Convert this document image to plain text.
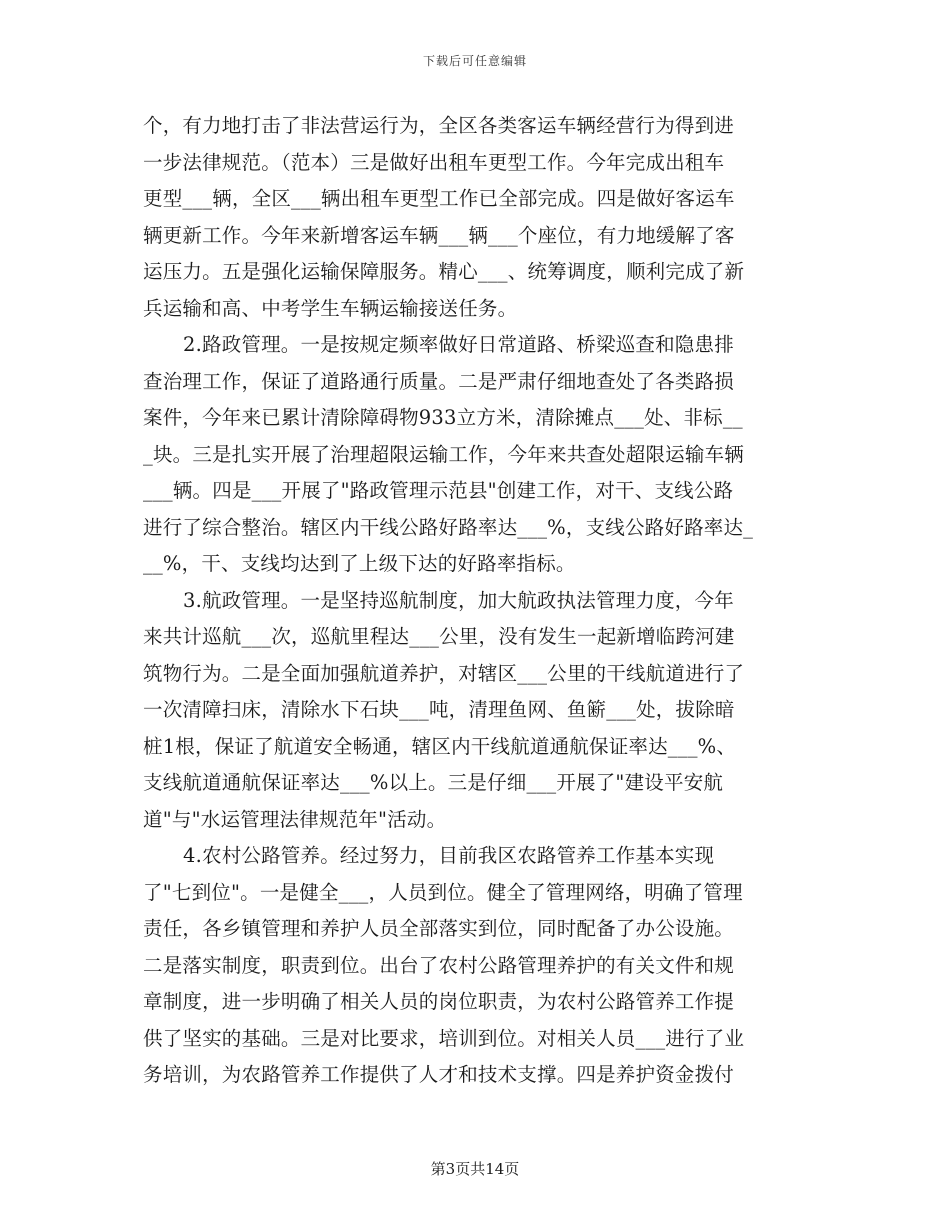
下载后可任意编辑
个，有力地打击了非法营运行为，全区各类客运车辆经营行为得到进
一步法律规范。（范本）三是做好出租车更型工作。今年完成出租车
更型___辆，全区___辆出租车更型工作已全部完成。四是做好客运车
辆更新工作。今年来新增客运车辆___辆___个座位，有力地缓解了客
运压力。五是强化运输保障服务。精心___、统筹调度，顺利完成了新
兵运输和高、中考学生车辆运输接送任务。
2.路政管理。一是按规定频率做好日常道路、桥梁巡查和隐患排
查治理工作，保证了道路通行质量。二是严肃仔细地查处了各类路损
案件，今年来已累计清除障碍物933立方米，清除摊点___处、非标__
_块。三是扎实开展了治理超限运输工作，今年来共查处超限运输车辆
___辆。四是___开展了"路政管理示范县"创建工作，对干、支线公路
进行了综合整治。辖区内干线公路好路率达___%，支线公路好路率达_
__%，干、支线均达到了上级下达的好路率指标。
3.航政管理。一是坚持巡航制度，加大航政执法管理力度，今年
来共计巡航___次，巡航里程达___公里，没有发生一起新增临跨河建
筑物行为。二是全面加强航道养护，对辖区___公里的干线航道进行了
一次清障扫床，清除水下石块___吨，清理鱼网、鱼簖___处，拔除暗
桩1根，保证了航道安全畅通，辖区内干线航道通航保证率达___%、
支线航道通航保证率达___%以上。三是仔细___开展了"建设平安航
道"与"水运管理法律规范年"活动。
4.农村公路管养。经过努力，目前我区农路管养工作基本实现
了"七到位"。一是健全___，人员到位。健全了管理网络，明确了管理
责任，各乡镇管理和养护人员全部落实到位，同时配备了办公设施。
二是落实制度，职责到位。出台了农村公路管理养护的有关文件和规
章制度，进一步明确了相关人员的岗位职责，为农村公路管养工作提
供了坚实的基础。三是对比要求，培训到位。对相关人员___进行了业
务培训，为农路管养工作提供了人才和技术支撑。四是养护资金拨付
第3页共14页
